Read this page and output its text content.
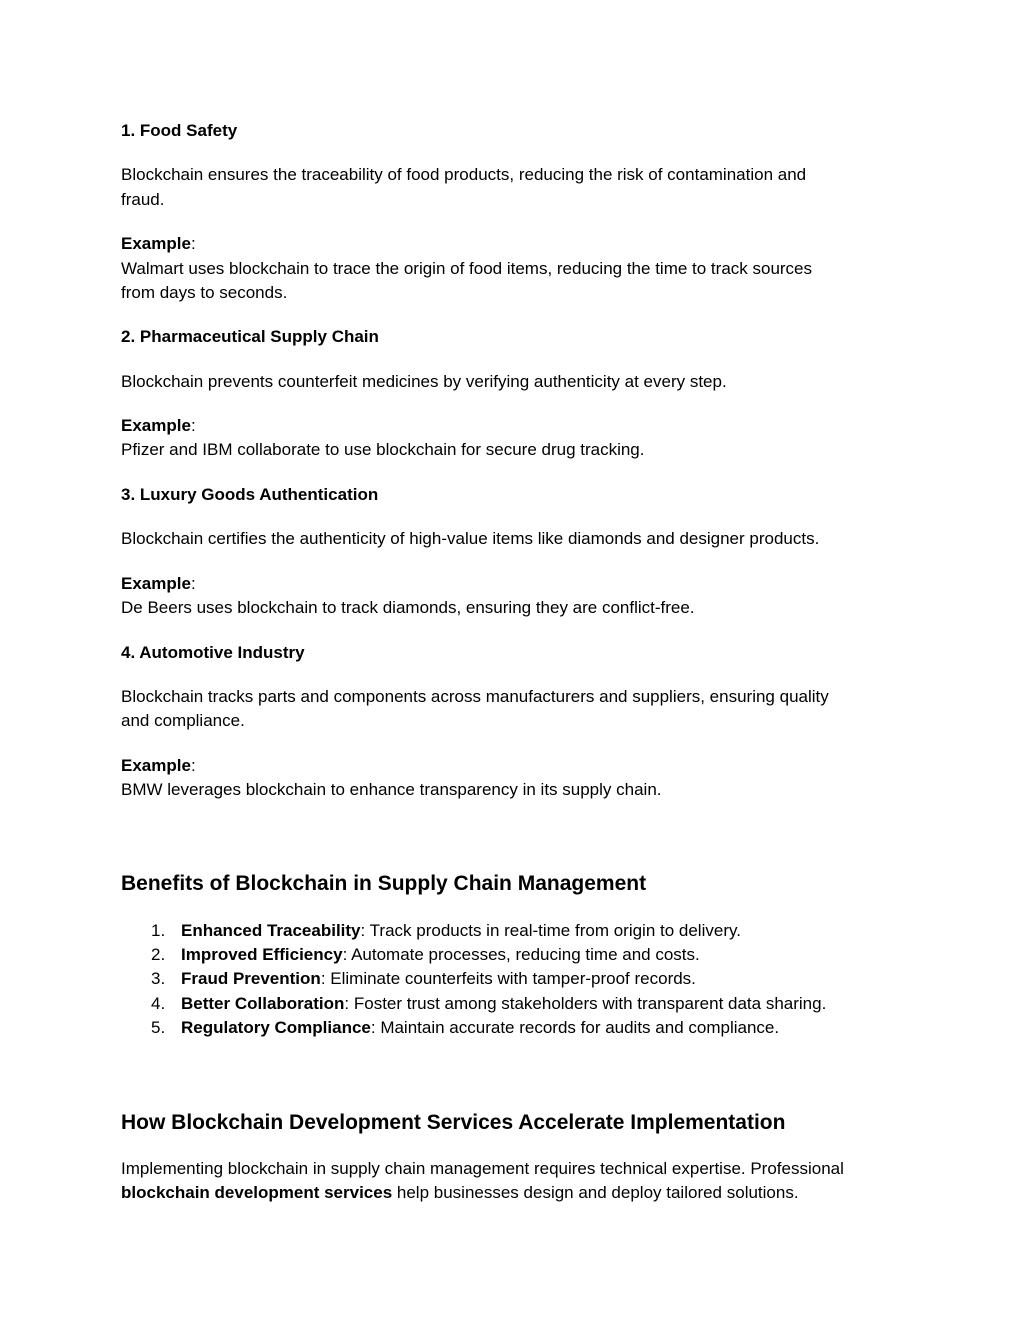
1. Food Safety
Blockchain ensures the traceability of food products, reducing the risk of contamination and
fraud.
Example:
Walmart uses blockchain to trace the origin of food items, reducing the time to track sources
from days to seconds.
2. Pharmaceutical Supply Chain
Blockchain prevents counterfeit medicines by verifying authenticity at every step.
Example:
Pfizer and IBM collaborate to use blockchain for secure drug tracking.
3. Luxury Goods Authentication
Blockchain certifies the authenticity of high-value items like diamonds and designer products.
Example:
De Beers uses blockchain to track diamonds, ensuring they are conflict-free.
4. Automotive Industry
Blockchain tracks parts and components across manufacturers and suppliers, ensuring quality
and compliance.
Example:
BMW leverages blockchain to enhance transparency in its supply chain.
Benefits of Blockchain in Supply Chain Management
1. Enhanced Traceability: Track products in real-time from origin to delivery.
2. Improved Efficiency: Automate processes, reducing time and costs.
3. Fraud Prevention: Eliminate counterfeits with tamper-proof records.
4. Better Collaboration: Foster trust among stakeholders with transparent data sharing.
5. Regulatory Compliance: Maintain accurate records for audits and compliance.
How Blockchain Development Services Accelerate Implementation
Implementing blockchain in supply chain management requires technical expertise. Professional
blockchain development services help businesses design and deploy tailored solutions.
